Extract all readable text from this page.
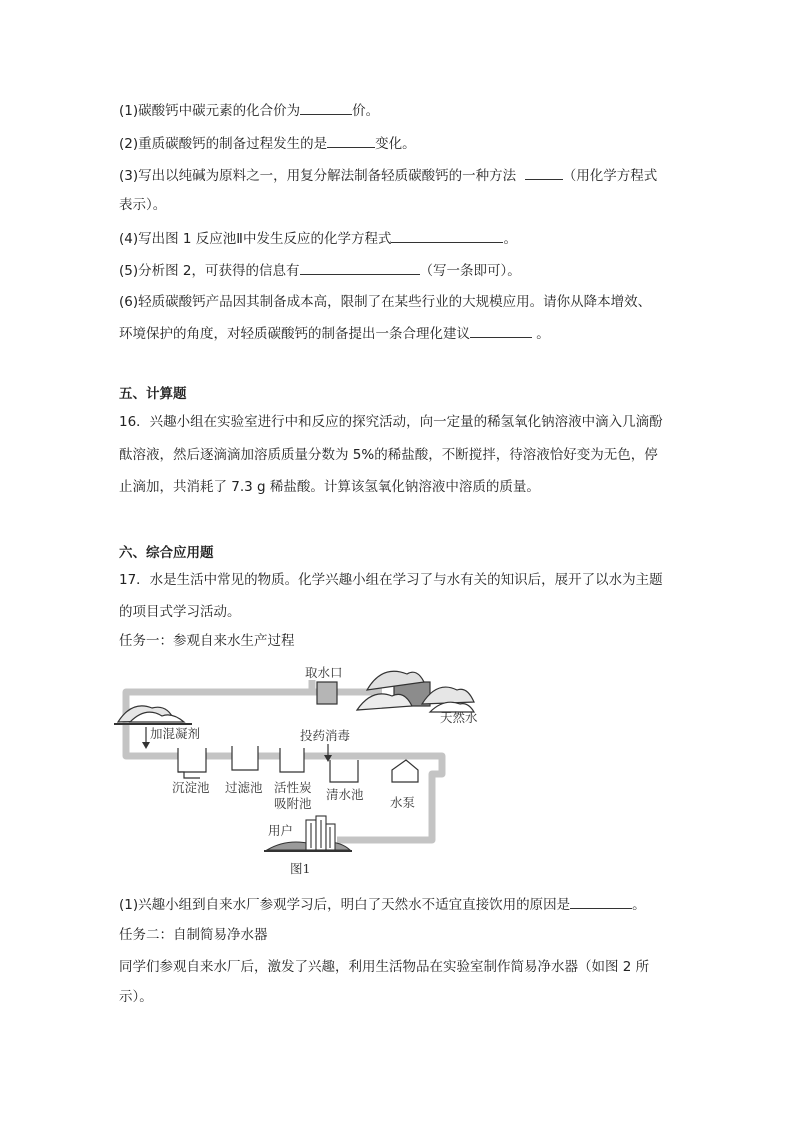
(1)碳酸钙中碳元素的化合价为	价。
(2)重质碳酸钙的制备过程发生的是	变化。
(3)写出以纯碱为原料之一，用复分解法制备轻质碳酸钙的一种方法	（用化学方程式
表示）。
(4)写出图 1 反应池Ⅱ中发生反应的化学方程式	。
(5)分析图 2，可获得的信息有	（写一条即可）。
(6)轻质碳酸钙产品因其制备成本高，限制了在某些行业的大规模应用。请你从降本增效、
环境保护的角度，对轻质碳酸钙的制备提出一条合理化建议	。
五、计算题
16．兴趣小组在实验室进行中和反应的探究活动，向一定量的稀氢氧化钠溶液中滴入几滴酚
酞溶液，然后逐滴滴加溶质质量分数为 5%的稀盐酸，不断搅拌，待溶液恰好变为无色，停
止滴加，共消耗了 7.3 g 稀盐酸。计算该氢氧化钠溶液中溶质的质量。
六、综合应用题
17．水是生活中常见的物质。化学兴趣小组在学习了与水有关的知识后，展开了以水为主题
的项目式学习活动。
任务一：参观自来水生产过程
取水口
天然水
加混凝剂	投药消毒
沉淀池 过滤池 活性炭
吸附池
清水池
水泵
用户
图1
(1)兴趣小组到自来水厂参观学习后，明白了天然水不适宜直接饮用的原因是	。
任务二：自制简易净水器
同学们参观自来水厂后，激发了兴趣，利用生活物品在实验室制作简易净水器（如图 2 所
示）。
